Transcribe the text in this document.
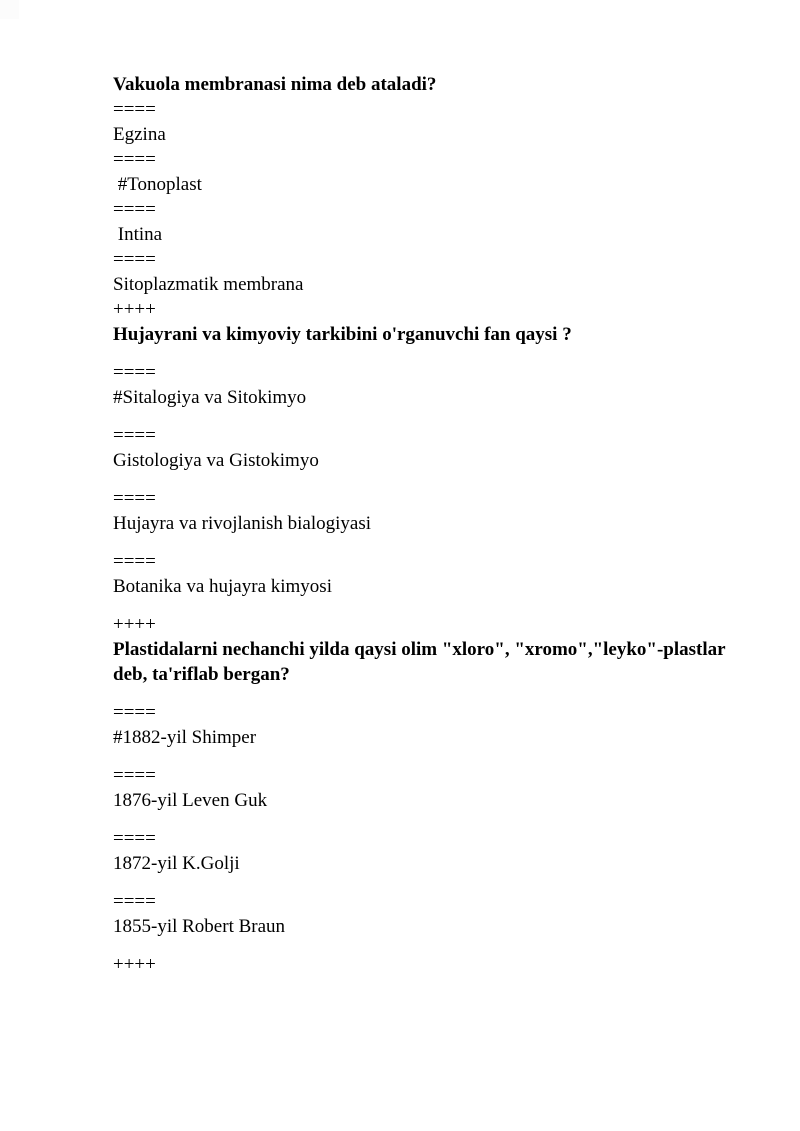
Vakuola membranasi nima deb ataladi?
====
Egzina
====
#Tonoplast
====
Intina
====
Sitoplazmatik membrana
++++
Hujayrani va kimyoviy tarkibini o'rganuvchi fan qaysi ?
====
#Sitalogiya va Sitokimyo
====
Gistologiya va Gistokimyo
====
Hujayra va rivojlanish bialogiyasi
====
Botanika va hujayra kimyosi
++++
Plastidalarni nechanchi yilda qaysi olim "xloro", "xromo","leyko"-plastlar
deb, ta'riflab bergan?
====
#1882-yil Shimper
====
1876-yil Leven Guk
====
1872-yil K.Golji
====
1855-yil Robert Braun
++++
